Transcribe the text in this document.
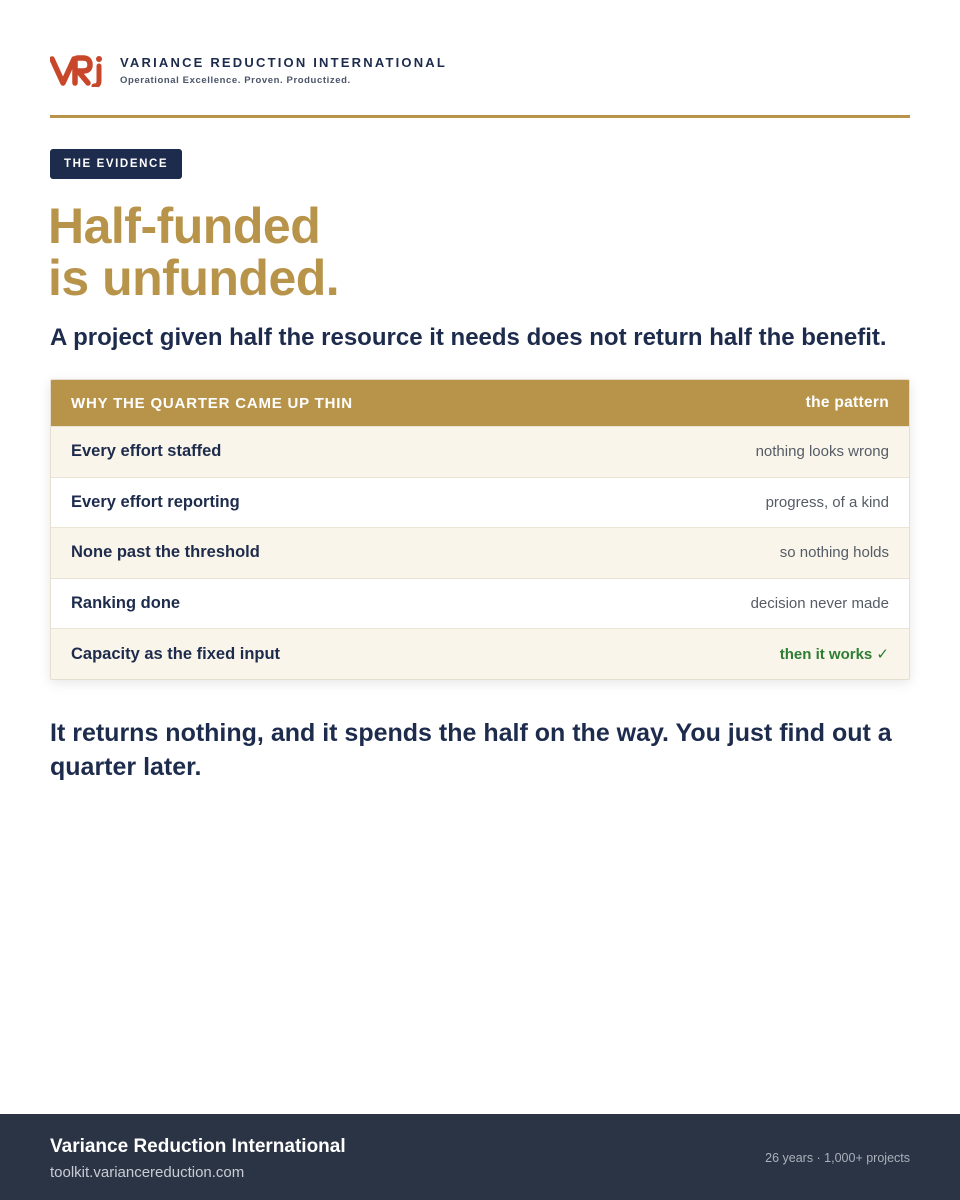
VARIANCE REDUCTION INTERNATIONAL
Operational Excellence. Proven. Productized.
THE EVIDENCE
Half-funded
is unfunded.

A project given half the resource it needs does not return half the benefit.

WHY THE QUARTER CAME UP THIN	the pattern
Every effort staffed	nothing looks wrong
Every effort reporting	progress, of a kind
None past the threshold	so nothing holds
Ranking done	decision never made
Capacity as the fixed input	then it works ✓

It returns nothing, and it spends the half on the way. You just find out a quarter later.

Variance Reduction International
toolkit.variancereduction.com
26 years · 1,000+ projects
